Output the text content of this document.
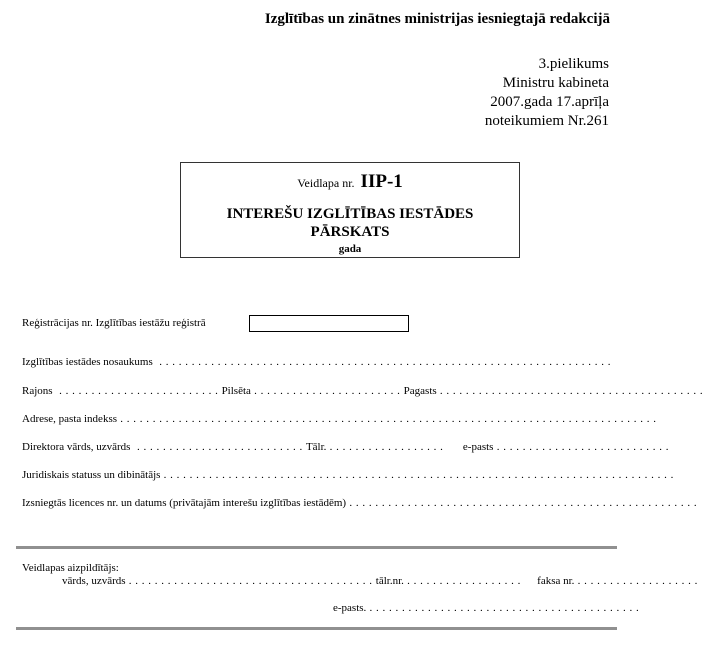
Izglītības un zinātnes ministrijas iesniegtajā redakcijā
3.pielikums
Ministru kabineta
2007.gada 17.aprīļa
noteikumiem Nr.261
Veidlapa nr. IIP-1
INTEREŠU IZGLĪTĪBAS IESTĀDES
PĀRSKATS
gada
Reģistrācijas nr. Izglītības iestāžu reģistrā
Izglītības iestādes nosaukums  . . . . . . . . . . . . . . . . . . . . . . . . . . . . . . . . . . . . . . . . . . . . . . . . . . . . . . . . . . . . . . . . . . . . . .
Rajons  . . . . . . . . . . . . . . . . . . . . . . . . . Pilsēta . . . . . . . . . . . . . . . . . . . . . . . Pagasts . . . . . . . . . . . . . . . . . . . . . . . . . . . . . . . . . . . . . . . . .
Adrese, pasta indekss . . . . . . . . . . . . . . . . . . . . . . . . . . . . . . . . . . . . . . . . . . . . . . . . . . . . . . . . . . . . . . . . . . . . . . . . . . . . . . . . . . .
Direktora vārds, uzvārds  . . . . . . . . . . . . . . . . . . . . . . . . . . Tālr. . . . . . . . . . . . . . . . . . .      e-pasts . . . . . . . . . . . . . . . . . . . . . . . . . . .
Juridiskais statuss un dibinātājs . . . . . . . . . . . . . . . . . . . . . . . . . . . . . . . . . . . . . . . . . . . . . . . . . . . . . . . . . . . . . . . . . . . . . . . . . . . . . . .
Izsniegtās licences nr. un datums (privātajām interešu izglītības iestādēm) . . . . . . . . . . . . . . . . . . . . . . . . . . . . . . . . . . . . . . . . . . . . . . . . . . . . . .
Veidlapas aizpildītājs:
vārds, uzvārds . . . . . . . . . . . . . . . . . . . . . . . . . . . . . . . . . . . . . . tālr.nr. . . . . . . . . . . . . . . . . . .     faksa nr. . . . . . . . . . . . . . . . . . . .
e-pasts. . . . . . . . . . . . . . . . . . . . . . . . . . . . . . . . . . . . . . . . . . .
